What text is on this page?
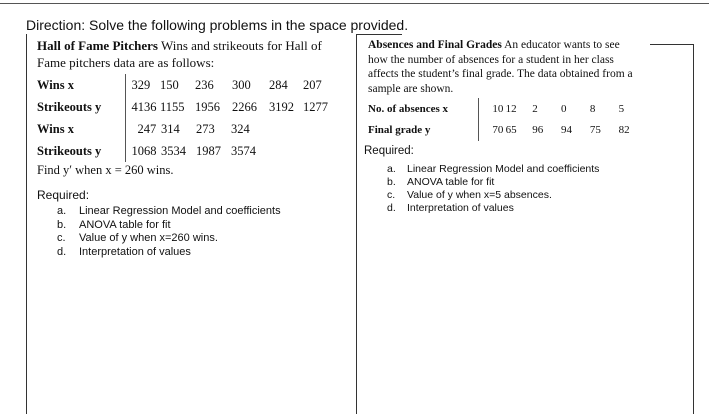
Direction: Solve the following problems in the space provided.
Hall of Fame Pitchers Wins and strikeouts for Hall of Fame pitchers data are as follows:
Wins x	329	150	236	300	284	207
Strikeouts y	4136	1155	1956	2266	3192	1277
Wins x	247	314	273	324
Strikeouts y	1068	3534	1987	3574
Find y′ when x = 260 wins.
Required:
a. Linear Regression Model and coefficients
b. ANOVA table for fit
c. Value of y when x=260 wins.
d. Interpretation of values
Absences and Final Grades An educator wants to see how the number of absences for a student in her class affects the student’s final grade. The data obtained from a sample are shown.
No. of absences x	10	12	2	0	8	5
Final grade y	70	65	96	94	75	82
Required:
a. Linear Regression Model and coefficients
b. ANOVA table for fit
c. Value of y when x=5 absences.
d. Interpretation of values
